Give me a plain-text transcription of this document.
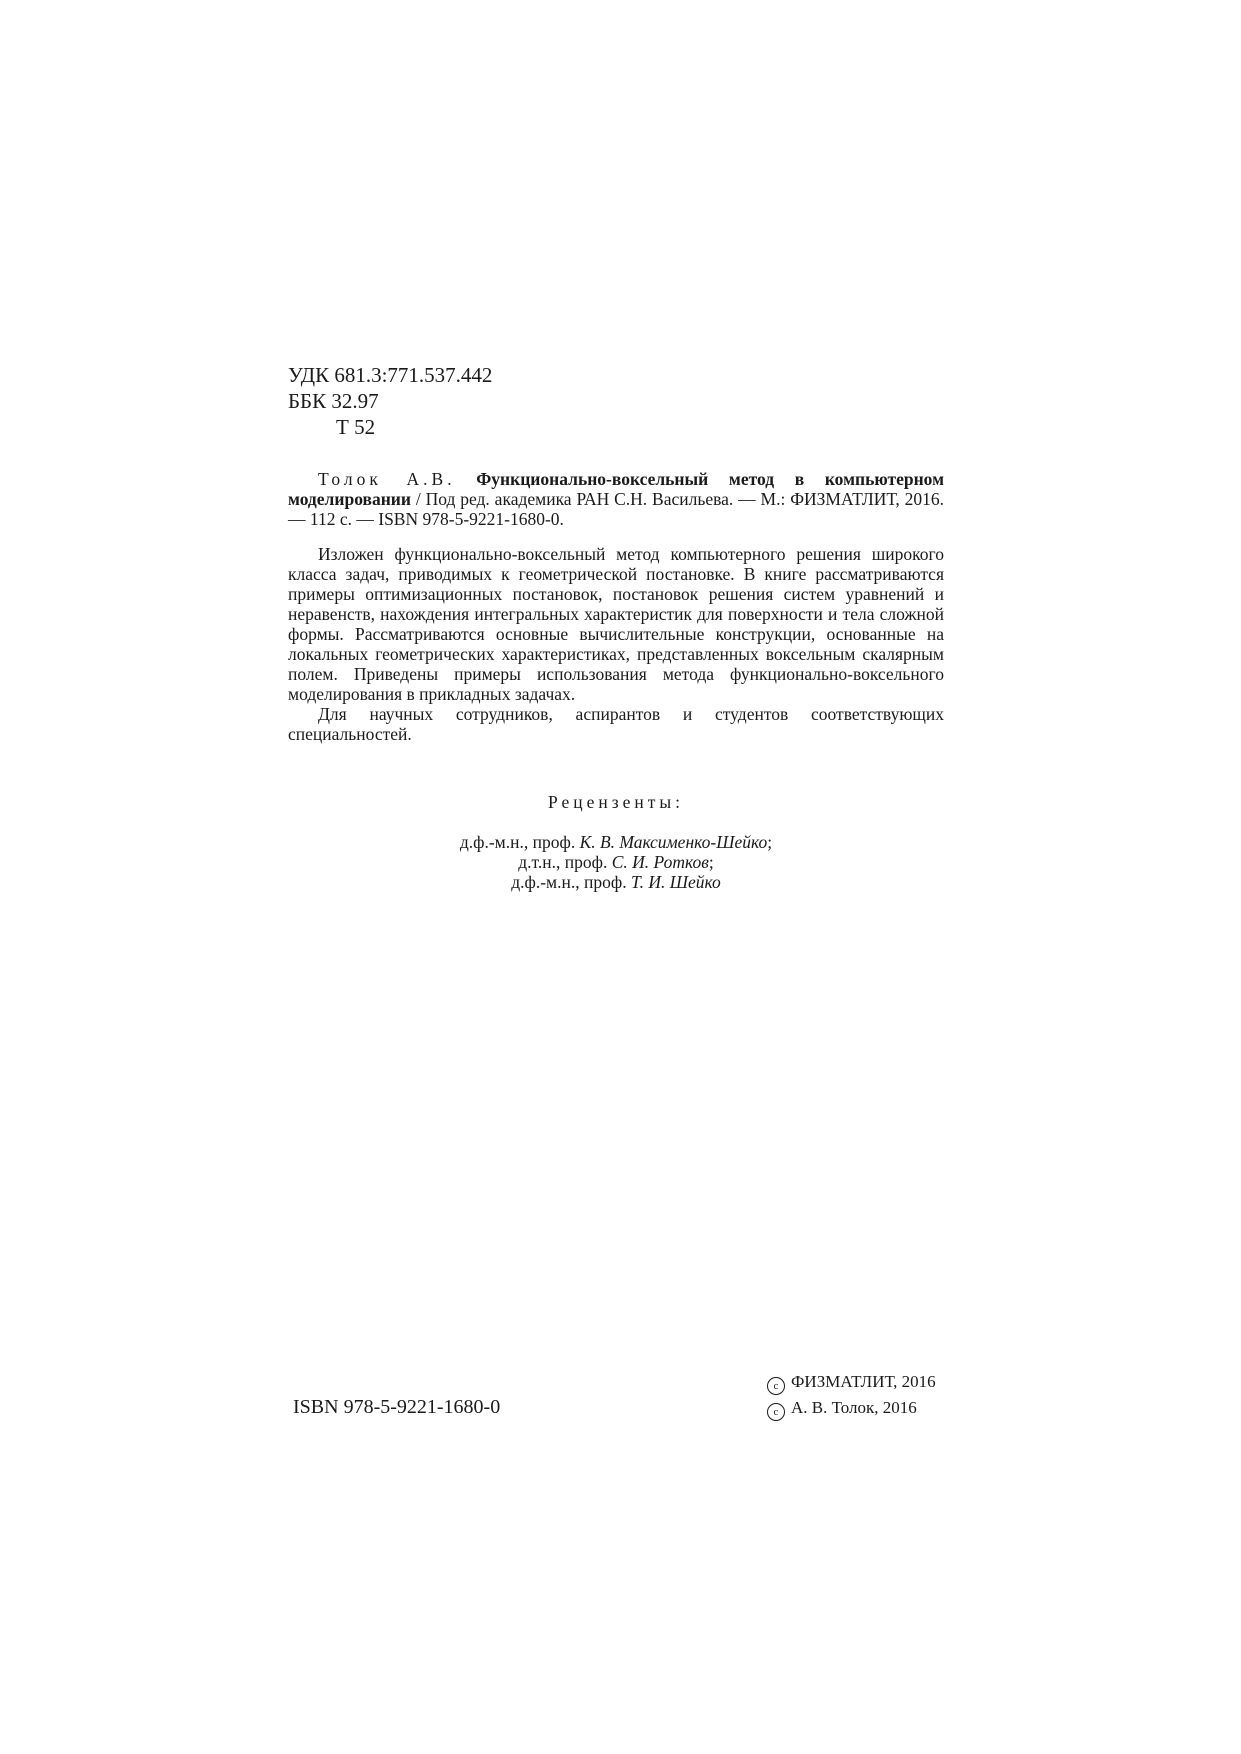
УДК 681.3:771.537.442
ББК 32.97
Т 52

Толок А.В. Функционально-воксельный метод в компьютерном моделировании / Под ред. академика РАН С.Н. Васильева. — М.: ФИЗМАТЛИТ, 2016. — 112 с. — ISBN 978-5-9221-1680-0.

Изложен функционально-воксельный метод компьютерного решения широкого класса задач, приводимых к геометрической постановке. В книге рассматриваются примеры оптимизационных постановок, постановок решения систем уравнений и неравенств, нахождения интегральных характеристик для поверхности и тела сложной формы. Рассматриваются основные вычислительные конструкции, основанные на локальных геометрических характеристиках, представленных воксельным скалярным полем. Приведены примеры использования метода функционально-воксельного моделирования в прикладных задачах.

Для научных сотрудников, аспирантов и студентов соответствующих специальностей.

Рецензенты:
д.ф.-м.н., проф. К. В. Максименко-Шейко;
д.т.н., проф. С. И. Ротков;
д.ф.-м.н., проф. Т. И. Шейко
ISBN 978-5-9221-1680-0
c ФИЗМАТЛИТ, 2016
c А. В. Толок, 2016
